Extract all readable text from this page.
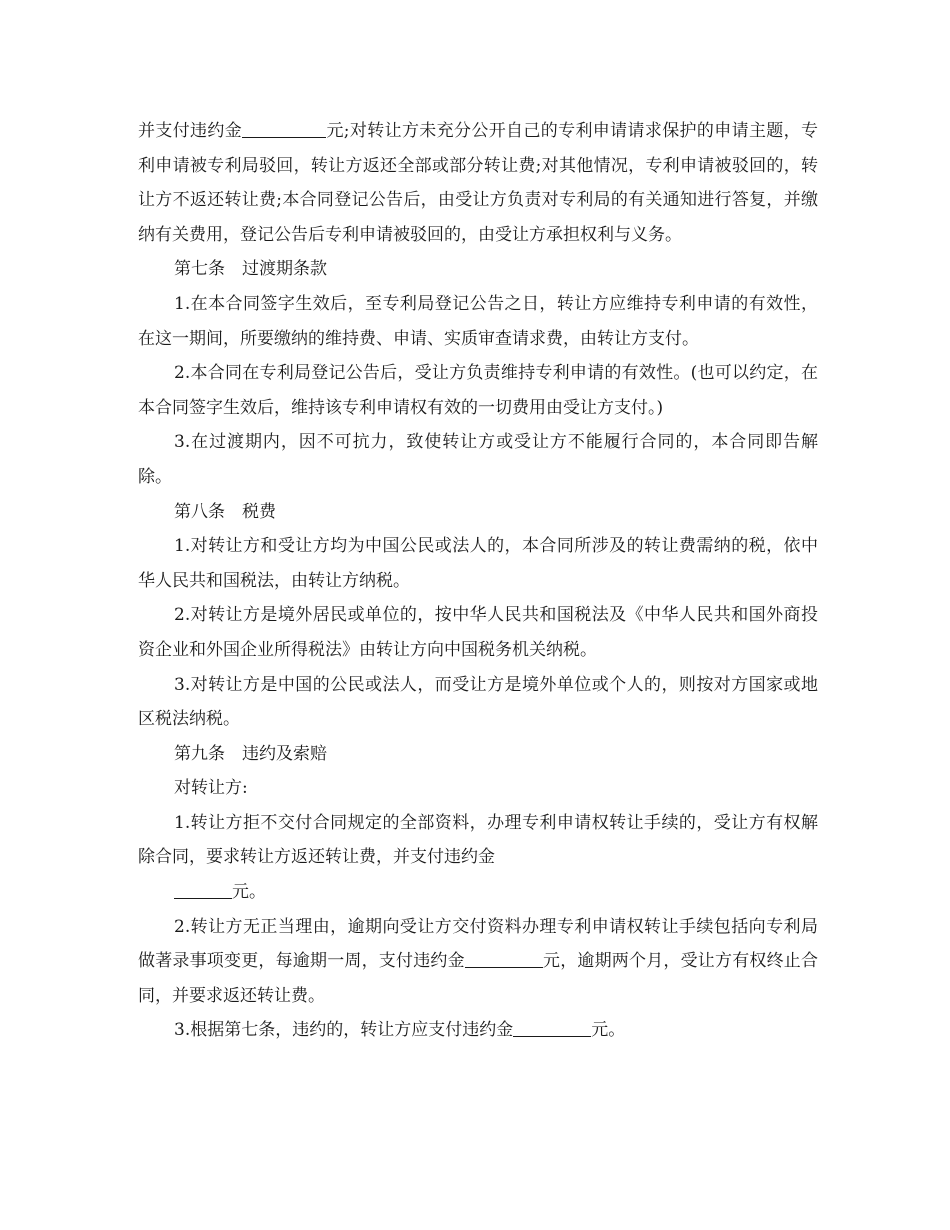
并支付违约金	元;对转让方未充分公开自己的专利申请请求保护的申请主题，专利申请被专利局驳回，转让方返还全部或部分转让费;对其他情况，专利申请被驳回的，转让方不返还转让费;本合同登记公告后，由受让方负责对专利局的有关通知进行答复，并缴纳有关费用，登记公告后专利申请被驳回的，由受让方承担权利与义务。

第七条　过渡期条款

1.在本合同签字生效后，至专利局登记公告之日，转让方应维持专利申请的有效性，在这一期间，所要缴纳的维持费、申请、实质审查请求费，由转让方支付。

2.本合同在专利局登记公告后，受让方负责维持专利申请的有效性。(也可以约定，在本合同签字生效后，维持该专利申请权有效的一切费用由受让方支付。)

3.在过渡期内，因不可抗力，致使转让方或受让方不能履行合同的，本合同即告解除。

第八条　税费

1.对转让方和受让方均为中国公民或法人的，本合同所涉及的转让费需纳的税，依中华人民共和国税法，由转让方纳税。

2.对转让方是境外居民或单位的，按中华人民共和国税法及《中华人民共和国外商投资企业和外国企业所得税法》由转让方向中国税务机关纳税。

3.对转让方是中国的公民或法人，而受让方是境外单位或个人的，则按对方国家或地区税法纳税。

第九条　违约及索赔

对转让方:

1.转让方拒不交付合同规定的全部资料，办理专利申请权转让手续的，受让方有权解除合同，要求转让方返还转让费，并支付违约金
元。

2.转让方无正当理由，逾期向受让方交付资料办理专利申请权转让手续包括向专利局做著录事项变更，每逾期一周，支付违约金	元，逾期两个月，受让方有权终止合同，并要求返还转让费。

3.根据第七条，违约的，转让方应支付违约金	元。
